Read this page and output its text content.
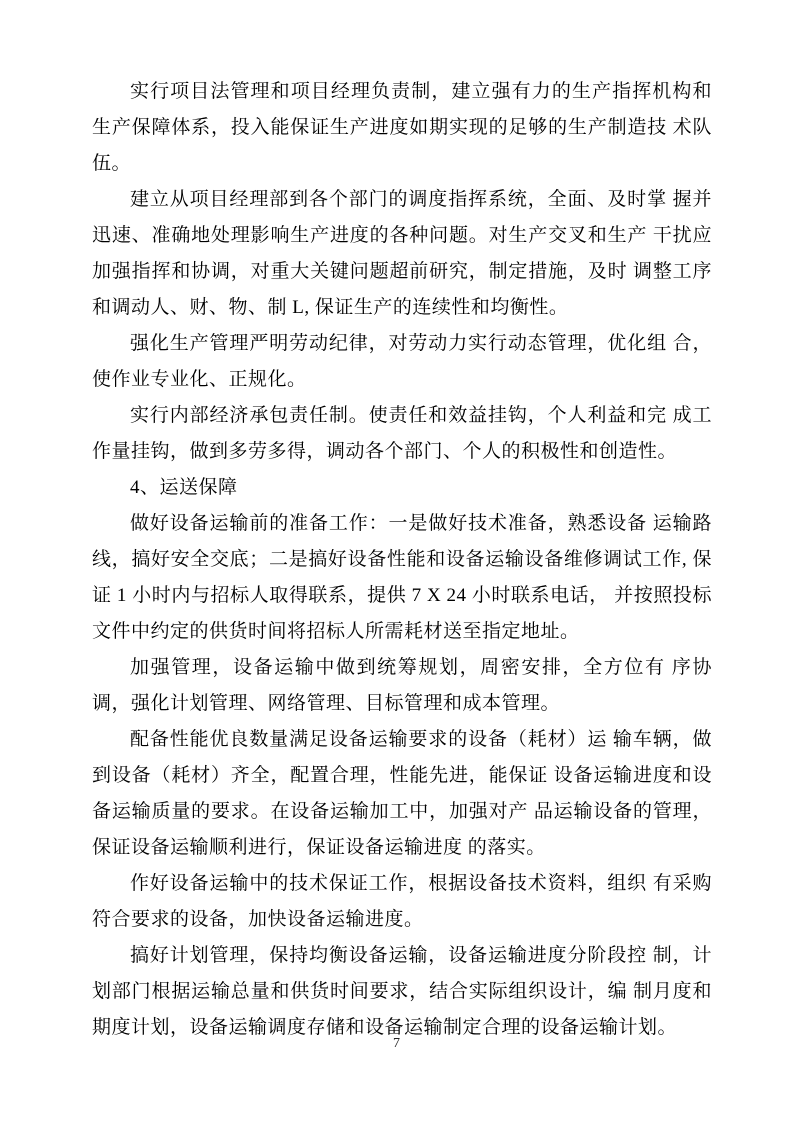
实行项目法管理和项目经理负责制，建立强有力的生产指挥机构和生产保障体系，投入能保证生产进度如期实现的足够的生产制造技 术队伍。

建立从项目经理部到各个部门的调度指挥系统，全面、及时掌 握并迅速、准确地处理影响生产进度的各种问题。对生产交叉和生产 干扰应加强指挥和协调，对重大关键问题超前研究，制定措施，及时 调整工序和调动人、财、物、制 L, 保证生产的连续性和均衡性。

强化生产管理严明劳动纪律，对劳动力实行动态管理，优化组 合，使作业专业化、正规化。

实行内部经济承包责任制。使责任和效益挂钩，个人利益和完 成工作量挂钩，做到多劳多得，调动各个部门、个人的积极性和创造性。

4、运送保障

做好设备运输前的准备工作：一是做好技术准备，熟悉设备 运输路线，搞好安全交底；二是搞好设备性能和设备运输设备维修调试工作, 保证 1 小时内与招标人取得联系，提供 7 X 24 小时联系电话， 并按照投标文件中约定的供货时间将招标人所需耗材送至指定地址。

加强管理，设备运输中做到统筹规划，周密安排，全方位有 序协调，强化计划管理、网络管理、目标管理和成本管理。

配备性能优良数量满足设备运输要求的设备（耗材）运 输车辆，做到设备（耗材）齐全，配置合理，性能先进，能保证 设备运输进度和设备运输质量的要求。在设备运输加工中，加强对产 品运输设备的管理，保证设备运输顺利进行，保证设备运输进度 的落实。

作好设备运输中的技术保证工作，根据设备技术资料，组织 有采购符合要求的设备，加快设备运输进度。

搞好计划管理，保持均衡设备运输，设备运输进度分阶段控 制，计划部门根据运输总量和供货时间要求，结合实际组织设计，编 制月度和期度计划，设备运输调度存储和设备运输制定合理的设备运输计划。

7
